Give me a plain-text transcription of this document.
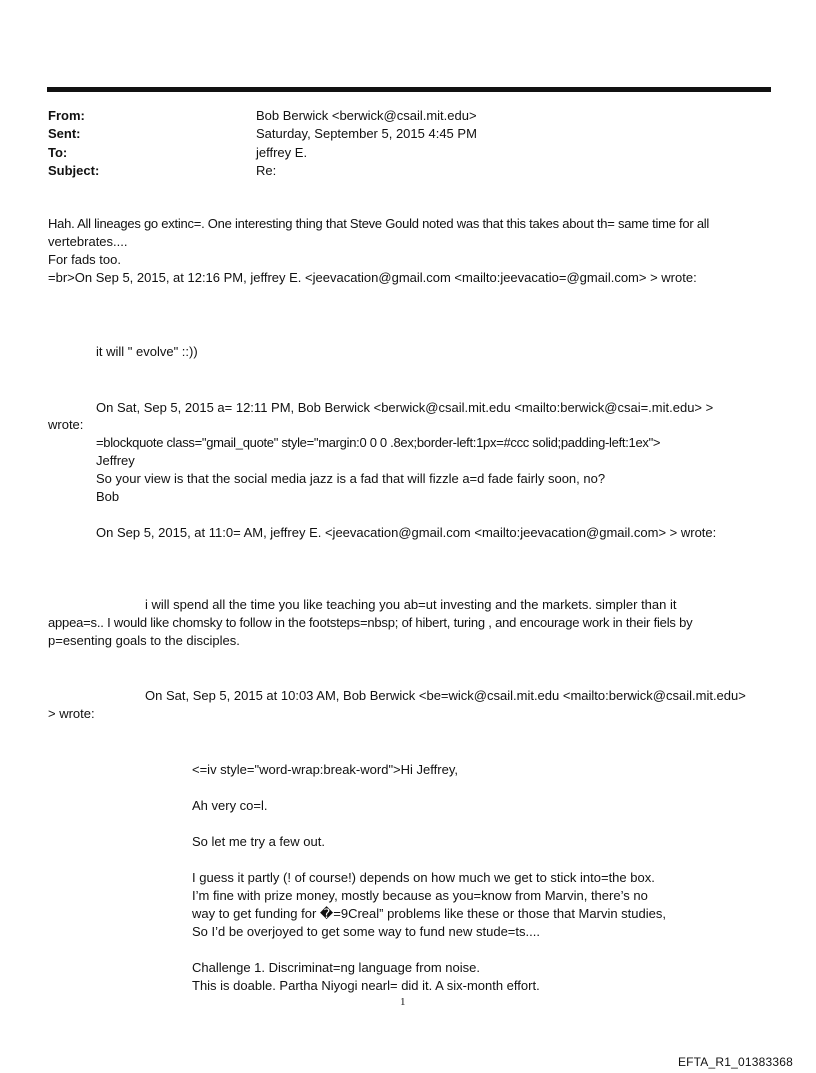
From:	Bob Berwick <berwick@csail.mit.edu>
Sent:	Saturday, September 5, 2015 4:45 PM
To:	jeffrey E.
Subject:	Re:
Hah. All lineages go extinc=. One interesting thing that Steve Gould noted was that this takes about th= same time for all
vertebrates....
For fads too.
=br>On Sep 5, 2015, at 12:16 PM, jeffrey E. <jeevacation@gmail.com <mailto:jeevacatio=@gmail.com> > wrote:
it will " evolve" ::))
On Sat, Sep 5, 2015 a= 12:11 PM, Bob Berwick <berwick@csail.mit.edu <mailto:berwick@csai=.mit.edu> >
wrote:
=blockquote class="gmail_quote" style="margin:0 0 0 .8ex;border-left:1px=#ccc solid;padding-left:1ex">
Jeffrey
So your view is that the social media jazz is a fad that will fizzle a=d fade fairly soon, no?
Bob
On Sep 5, 2015, at 11:0= AM, jeffrey E. <jeevacation@gmail.com <mailto:jeevacation@gmail.com> > wrote:
i will spend all the time you like teaching you ab=ut investing and the markets. simpler than it
appea=s.. I would like chomsky to follow in the footsteps=nbsp; of hibert, turing , and encourage work in their fiels by
p=esenting goals to the disciples.
On Sat, Sep 5, 2015 at 10:03 AM, Bob Berwick <be=wick@csail.mit.edu <mailto:berwick@csail.mit.edu>
> wrote:
<=iv style="word-wrap:break-word">Hi Jeffrey,
Ah very co=l.
So let me try a few out.
I guess it partly (! of course!) depends on how much we get to stick into=the box.
I’m fine with prize money, mostly because as you=know from Marvin, there’s no
way to get funding for �=9Creal” problems like these or those that Marvin studies,
So I’d be overjoyed to get some way to fund new stude=ts....
Challenge 1. Discriminat=ng language from noise.
This is doable. Partha Niyogi nearl= did it. A six-month effort.
1
EFTA_R1_01383368
